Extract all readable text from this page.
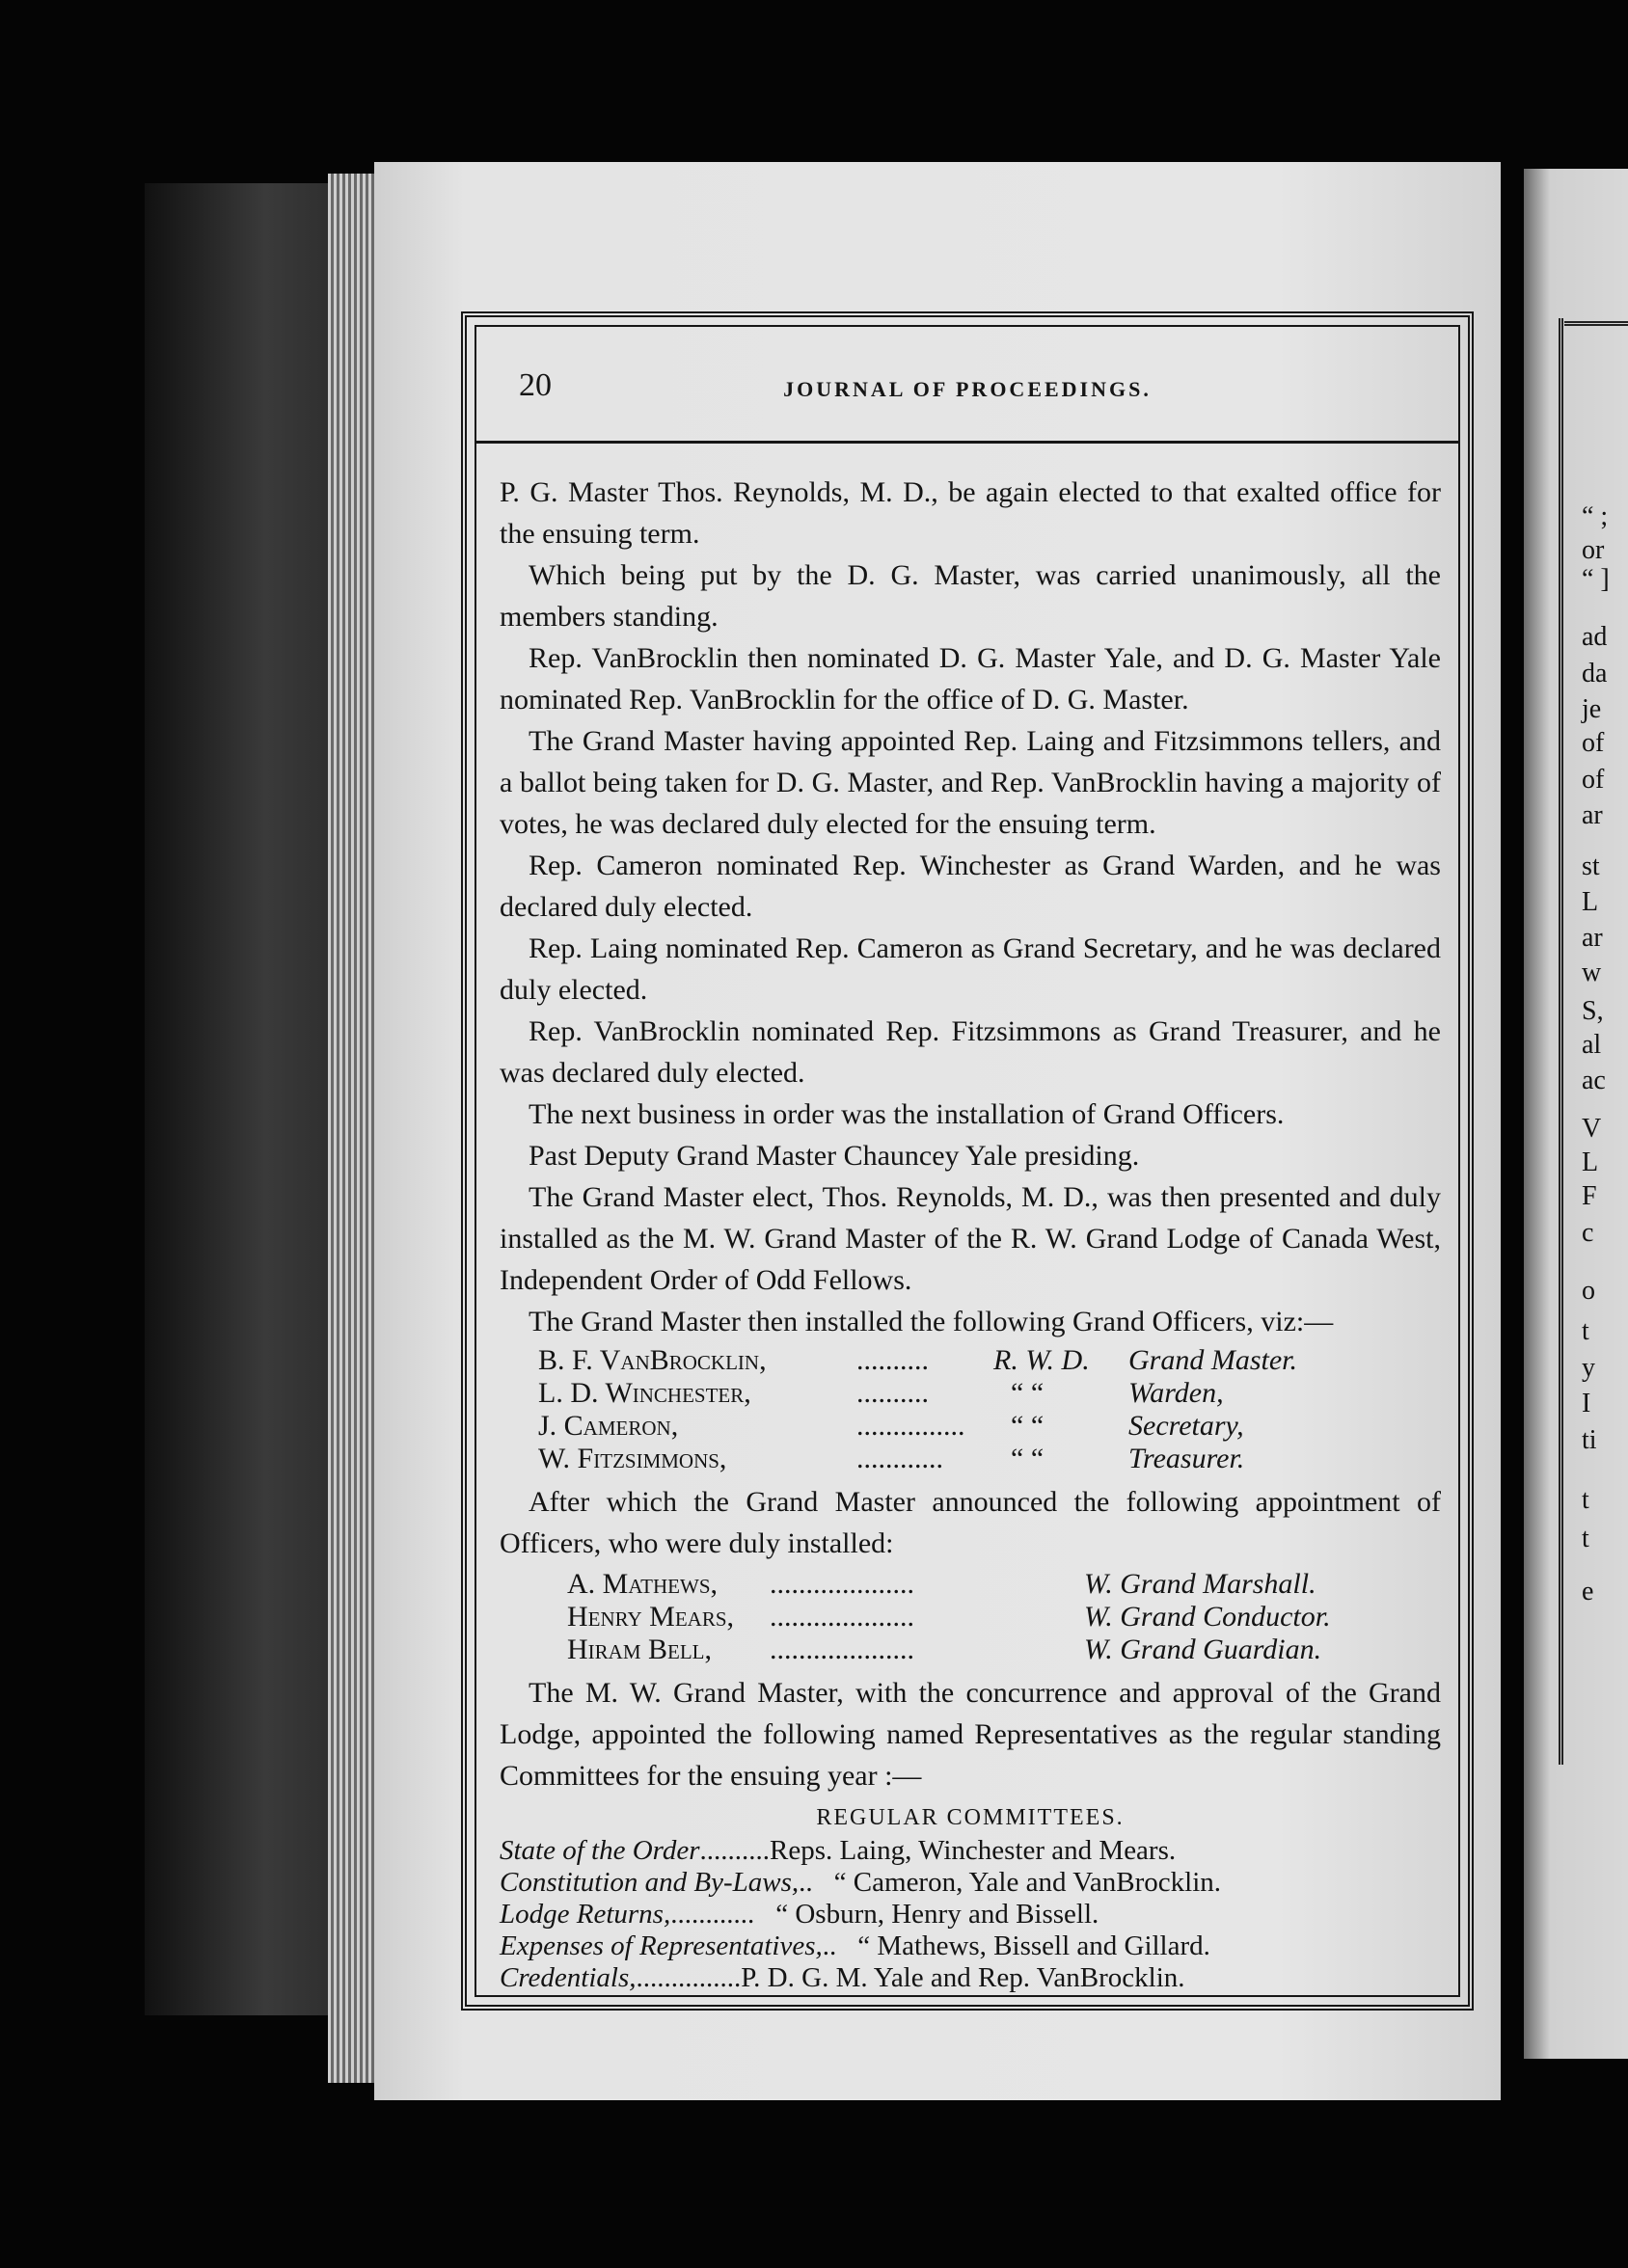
“ ;
or
“ ]
ad
da
je
of
of
ar
st
L
ar
w
S,
al
ac
V
L
F
c
o
t
y
I
ti
t
t
e
20	JOURNAL OF PROCEEDINGS.

P. G. Master Thos. Reynolds, M. D., be again elected to that exalted office for the ensuing term.

Which being put by the D. G. Master, was carried unanimously, all the members standing.

Rep. VanBrocklin then nominated D. G. Master Yale, and D. G. Master Yale nominated Rep. VanBrocklin for the office of D. G. Master.

The Grand Master having appointed Rep. Laing and Fitzsimmons tellers, and a ballot being taken for D. G. Master, and Rep. VanBrocklin having a majority of votes, he was declared duly elected for the ensuing term.

Rep. Cameron nominated Rep. Winchester as Grand Warden, and he was declared duly elected.

Rep. Laing nominated Rep. Cameron as Grand Secretary, and he was declared duly elected.

Rep. VanBrocklin nominated Rep. Fitzsimmons as Grand Treasurer, and he was declared duly elected.

The next business in order was the installation of Grand Officers.

Past Deputy Grand Master Chauncey Yale presiding.

The Grand Master elect, Thos. Reynolds, M. D., was then presented and duly installed as the M. W. Grand Master of the R. W. Grand Lodge of Canada West, Independent Order of Odd Fellows.

The Grand Master then installed the following Grand Officers, viz:—

B. F. VanBrocklin,	.......... R. W. D.	Grand Master.
L. D. Winchester,	..........	“ “	Warden,
J. Cameron,	............... “ “	Secretary,
W. Fitzsimmons,	............ “ “	Treasurer.

After which the Grand Master announced the following appointment of Officers, who were duly installed:

A. Mathews,	....................	W. Grand Marshall.
Henry Mears,	....................	W. Grand Conductor.
Hiram Bell,	....................	W. Grand Guardian.

The M. W. Grand Master, with the concurrence and approval of the Grand Lodge, appointed the following named Representatives as the regular standing Committees for the ensuing year :—

REGULAR COMMITTEES.
State of the Order .......... Reps. Laing, Winchester and Mears.
Constitution and By-Laws, .. “ Cameron, Yale and VanBrocklin.
Lodge Returns, ............ “ Osburn, Henry and Bissell.
Expenses of Representatives, .. “ Mathews, Bissell and Gillard.
Credentials, ............... P. D. G. M. Yale and Rep. VanBrocklin.
